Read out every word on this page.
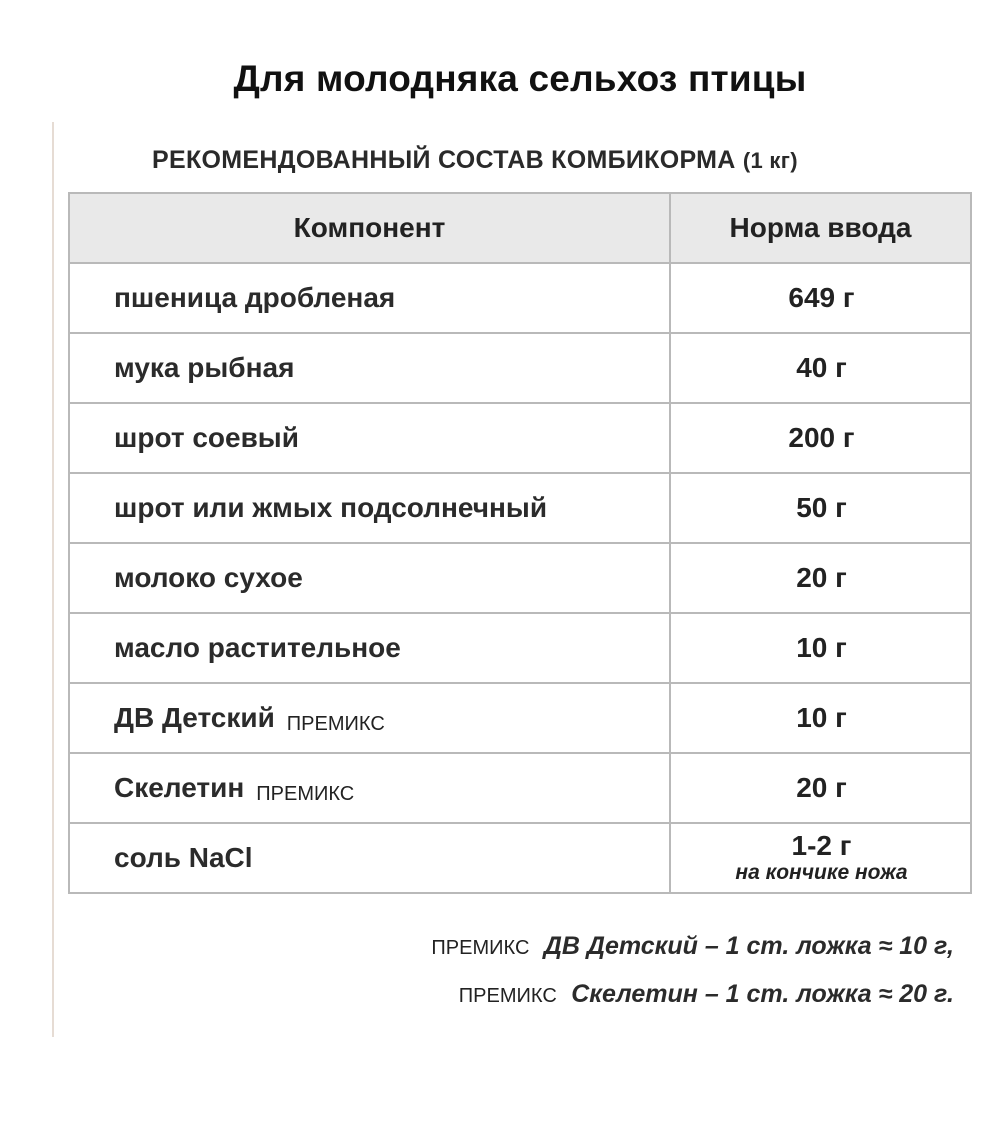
Для молодняка сельхоз птицы
РЕКОМЕНДОВАННЫЙ СОСТАВ КОМБИКОРМА (1 кг)
Компонент	Норма ввода
пшеница дробленая	649 г
мука рыбная	40 г
шрот соевый	200 г
шрот или жмых подсолнечный	50 г
молоко сухое	20 г
масло растительное	10 г
ДВ Детский ПРЕМИКС	10 г
Скелетин ПРЕМИКС	20 г
соль NaCl	1-2 г
на кончике ножа
ПРЕМИКС ДВ Детский – 1 ст. ложка ≈ 10 г,
ПРЕМИКС Скелетин – 1 ст. ложка ≈ 20 г.
